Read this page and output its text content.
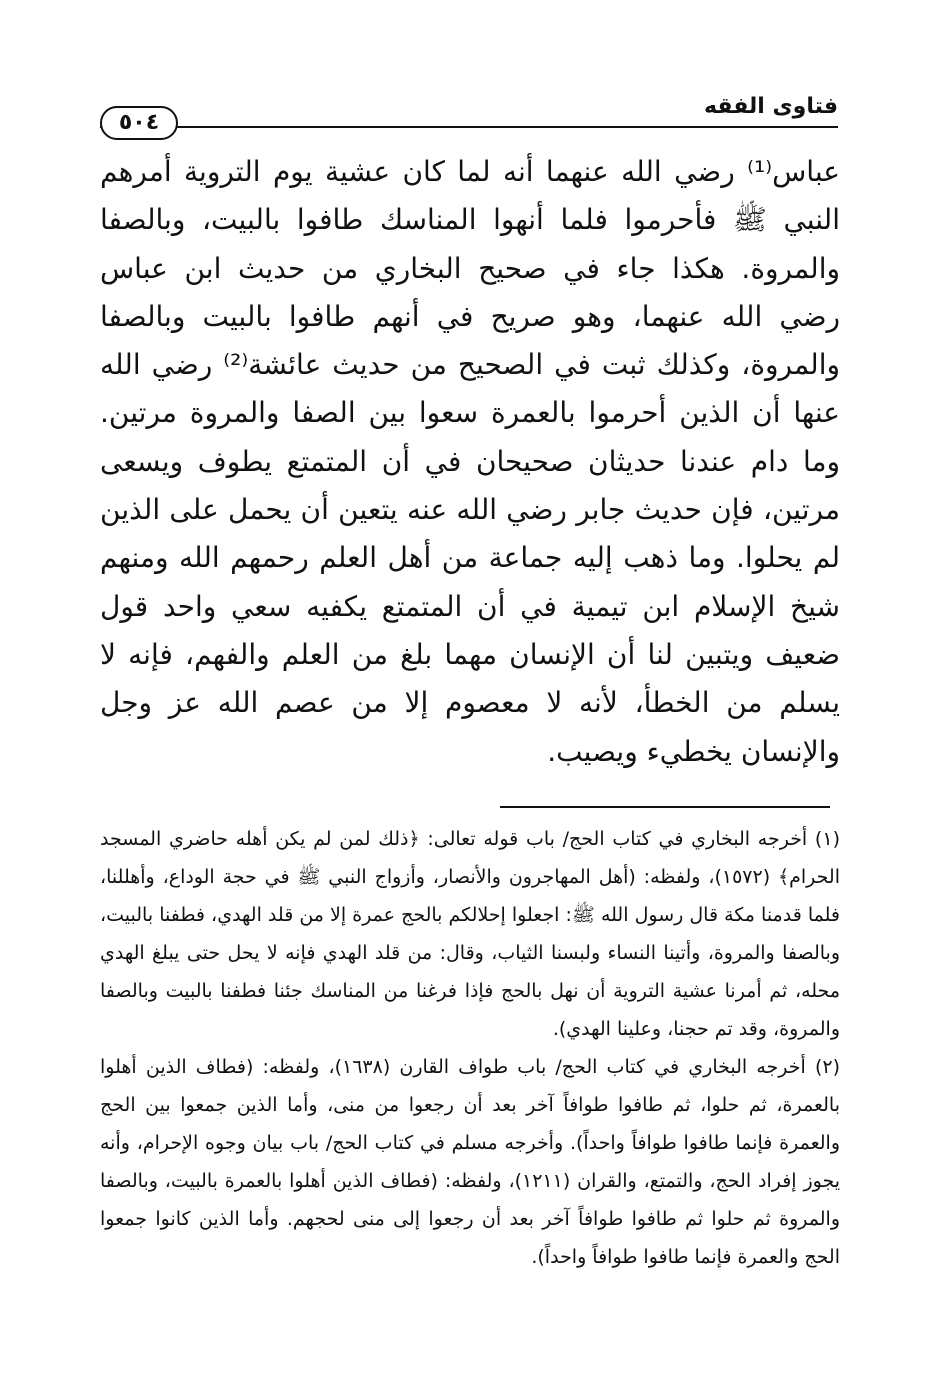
٥٠٤
فتاوى الفقه

عباس⁽¹⁾ رضي الله عنهما أنه لما كان عشية يوم التروية أمرهم النبي ﷺ فأحرموا فلما أنهوا المناسك طافوا بالبيت، وبالصفا والمروة. هكذا جاء في صحيح البخاري من حديث ابن عباس رضي الله عنهما، وهو صريح في أنهم طافوا بالبيت وبالصفا والمروة، وكذلك ثبت في الصحيح من حديث عائشة⁽²⁾ رضي الله عنها أن الذين أحرموا بالعمرة سعوا بين الصفا والمروة مرتين. وما دام عندنا حديثان صحيحان في أن المتمتع يطوف ويسعى مرتين، فإن حديث جابر رضي الله عنه يتعين أن يحمل على الذين لم يحلوا. وما ذهب إليه جماعة من أهل العلم رحمهم الله ومنهم شيخ الإسلام ابن تيمية في أن المتمتع يكفيه سعي واحد قول ضعيف ويتبين لنا أن الإنسان مهما بلغ من العلم والفهم، فإنه لا يسلم من الخطأ، لأنه لا معصوم إلا من عصم الله عز وجل والإنسان يخطيء ويصيب.

(١) أخرجه البخاري في كتاب الحج/ باب قوله تعالى: ﴿ذلك لمن لم يكن أهله حاضري المسجد الحرام﴾ (١٥٧٢)، ولفظه: (أهل المهاجرون والأنصار، وأزواج النبي ﷺ في حجة الوداع، وأهللنا، فلما قدمنا مكة قال رسول الله ﷺ: اجعلوا إحلالكم بالحج عمرة إلا من قلد الهدي، فطفنا بالبيت، وبالصفا والمروة، وأتينا النساء ولبسنا الثياب، وقال: من قلد الهدي فإنه لا يحل حتى يبلغ الهدي محله، ثم أمرنا عشية التروية أن نهل بالحج فإذا فرغنا من المناسك جئنا فطفنا بالبيت وبالصفا والمروة، وقد تم حجنا، وعلينا الهدي).

(٢) أخرجه البخاري في كتاب الحج/ باب طواف القارن (١٦٣٨)، ولفظه: (فطاف الذين أهلوا بالعمرة، ثم حلوا، ثم طافوا طوافاً آخر بعد أن رجعوا من منى، وأما الذين جمعوا بين الحج والعمرة فإنما طافوا طوافاً واحداً). وأخرجه مسلم في كتاب الحج/ باب بيان وجوه الإحرام، وأنه يجوز إفراد الحج، والتمتع، والقران (١٢١١)، ولفظه: (فطاف الذين أهلوا بالعمرة بالبيت، وبالصفا والمروة ثم حلوا ثم طافوا طوافاً آخر بعد أن رجعوا إلى منى لحجهم. وأما الذين كانوا جمعوا الحج والعمرة فإنما طافوا طوافاً واحداً).
